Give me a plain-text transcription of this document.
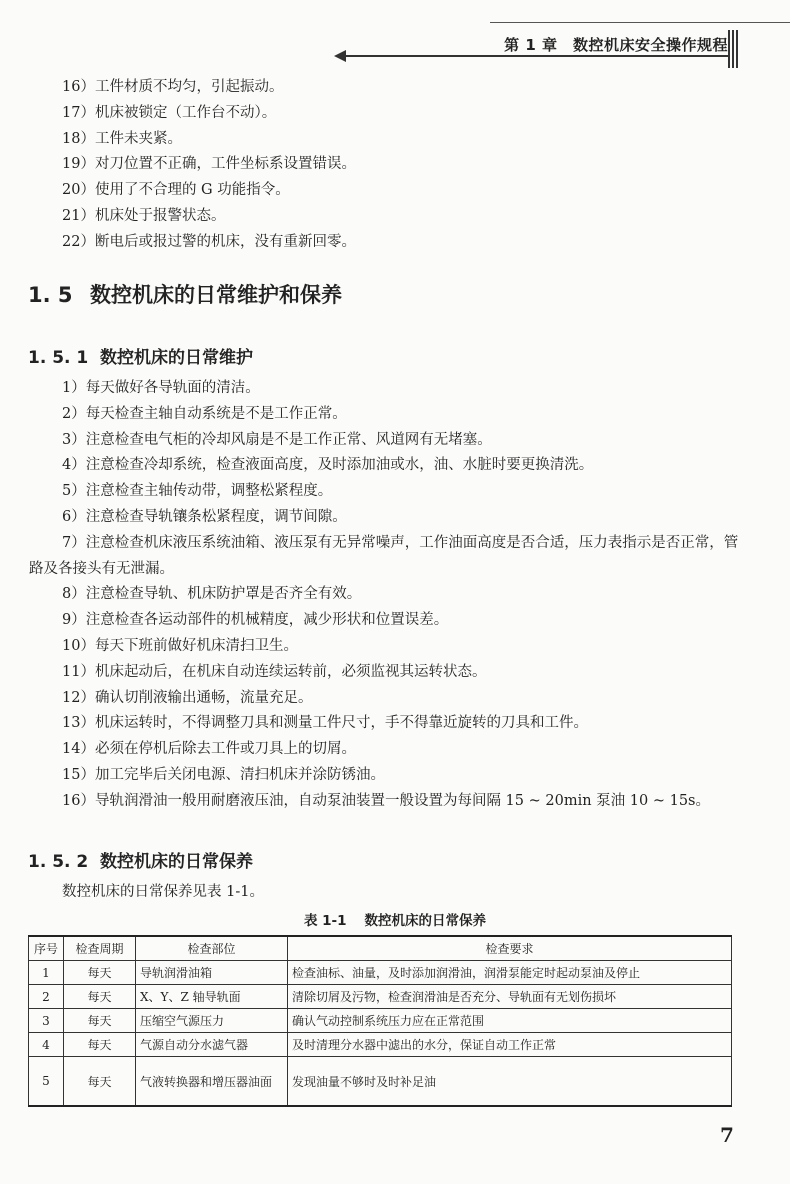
第 1 章　数控机床安全操作规程
16）工件材质不均匀，引起振动。
17）机床被锁定（工作台不动）。
18）工件未夹紧。
19）对刀位置不正确，工件坐标系设置错误。
20）使用了不合理的 G 功能指令。
21）机床处于报警状态。
22）断电后或报过警的机床，没有重新回零。
1. 5 数控机床的日常维护和保养
1. 5. 1 数控机床的日常维护
1）每天做好各导轨面的清洁。
2）每天检查主轴自动系统是不是工作正常。
3）注意检查电气柜的冷却风扇是不是工作正常、风道网有无堵塞。
4）注意检查冷却系统，检查液面高度，及时添加油或水，油、水脏时要更换清洗。
5）注意检查主轴传动带，调整松紧程度。
6）注意检查导轨镶条松紧程度，调节间隙。
7）注意检查机床液压系统油箱、液压泵有无异常噪声，工作油面高度是否合适，压力表指示是否正常，管路及各接头有无泄漏。
8）注意检查导轨、机床防护罩是否齐全有效。
9）注意检查各运动部件的机械精度，减少形状和位置误差。
10）每天下班前做好机床清扫卫生。
11）机床起动后，在机床自动连续运转前，必须监视其运转状态。
12）确认切削液输出通畅，流量充足。
13）机床运转时，不得调整刀具和测量工件尺寸，手不得靠近旋转的刀具和工件。
14）必须在停机后除去工件或刀具上的切屑。
15）加工完毕后关闭电源、清扫机床并涂防锈油。
16）导轨润滑油一般用耐磨液压油，自动泵油装置一般设置为每间隔 15 ~ 20min 泵油 10 ~ 15s。
1. 5. 2 数控机床的日常保养
数控机床的日常保养见表 1-1。
表 1-1 数控机床的日常保养
序号	检查周期	检查部位	检查要求
1	每天	导轨润滑油箱	检查油标、油量，及时添加润滑油，润滑泵能定时起动泵油及停止
2	每天	X、Y、Z 轴导轨面	清除切屑及污物，检查润滑油是否充分、导轨面有无划伤损坏
3	每天	压缩空气源压力	确认气动控制系统压力应在正常范围
4	每天	气源自动分水滤气器	及时清理分水器中滤出的水分，保证自动工作正常
5	每天	气液转换器和增压器油面	发现油量不够时及时补足油
7
